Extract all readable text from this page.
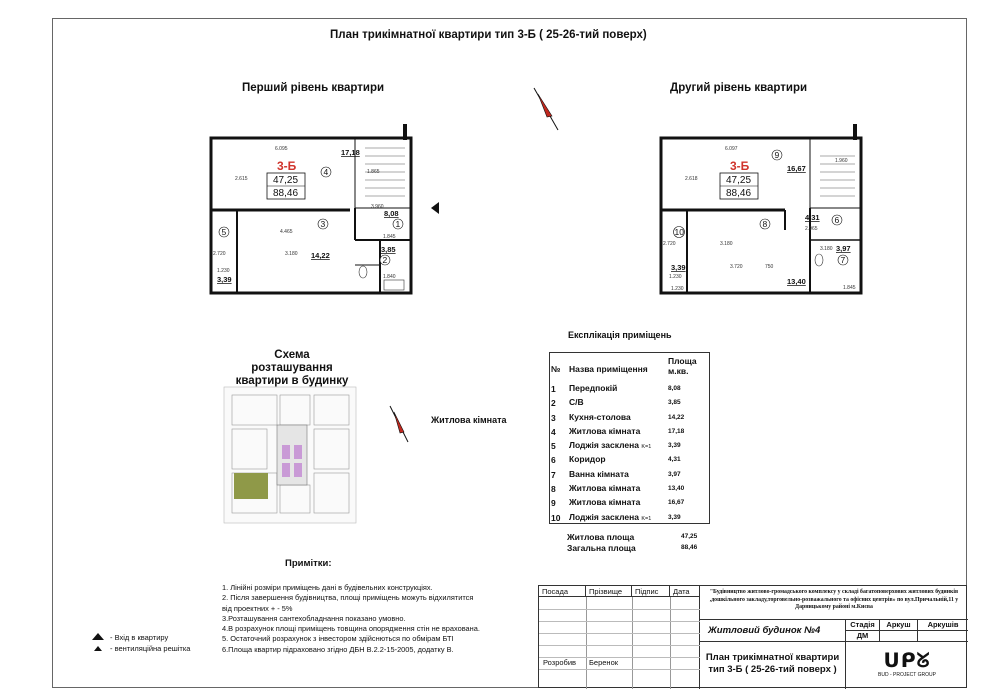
План трикімнатної квартири тип 3-Б ( 25-26-тий поверх)
Перший рівень квартири	Другий рівень квартири
3-Б
47,25
88,46
4
17,18
3
14,22
1
8,08
2
3,85
5
3,39
6.095
2.615
4.465
3.180
2.720
1.230
1.865
3.960
1.845
1.840
3-Б
47,25
88,46
9
16,67
8
13,40
6
4,31
7
3,97
10
3,39
6.097
2.618
3.720
3.180
2.720
1.230
1.960
2.965
3.180
1.845
1.230
750
Схема розташування
квартири в будинку
Житлова кімната
Експлікація приміщень
№	Назва приміщення	Площа м.кв.
1	Передпокій	8,08
2	С/В	3,85
3	Кухня-столова	14,22
4	Житлова кімната	17,18
5	Лоджія засклена K=1	3,39
6	Коридор	4,31
7	Ванна кімната	3,97
8	Житлова кімната	13,40
9	Житлова кімната	16,67
10	Лоджія засклена K=1	3,39
Житлова площа	47,25
Загальна площа	88,46
Примітки:
1. Лінійні розміри приміщень дані в будівельних конструкціях.
2. Після завершення будівництва, площі приміщень можуть відхилятится
від проектних + - 5%
3.Розташування сантехобладнання показано умовно.
4.В розрахунок площі приміщень товщина опорядження стін не врахована.
5. Остаточний розрахунок з інвестором здійснються по обмірам БТІ
6.Площа квартир підраховано згідно ДБН В.2.2-15-2005, додатку В.
- Вхід в квартиру
- вентиляційна решітка
Посада	Прізвище	Підпис	Дата
Розробив Беренок
"Будівництво житлово-громадського комплексу у складі багатоповерхових житлових будинків ,дошкільного закладу,торговельно-розважального та офісних центрів» по вул.Причальній,11 у Дарницькому районі м.Києва
Житловий будинок №4
Стадія	Аркуш	Аркушів
ДМ
План трикімнатної квартири
тип 3-Б ( 25-26-тий поверх )	ᑌᑭᘜ
BUD - PROJECT GROUP
